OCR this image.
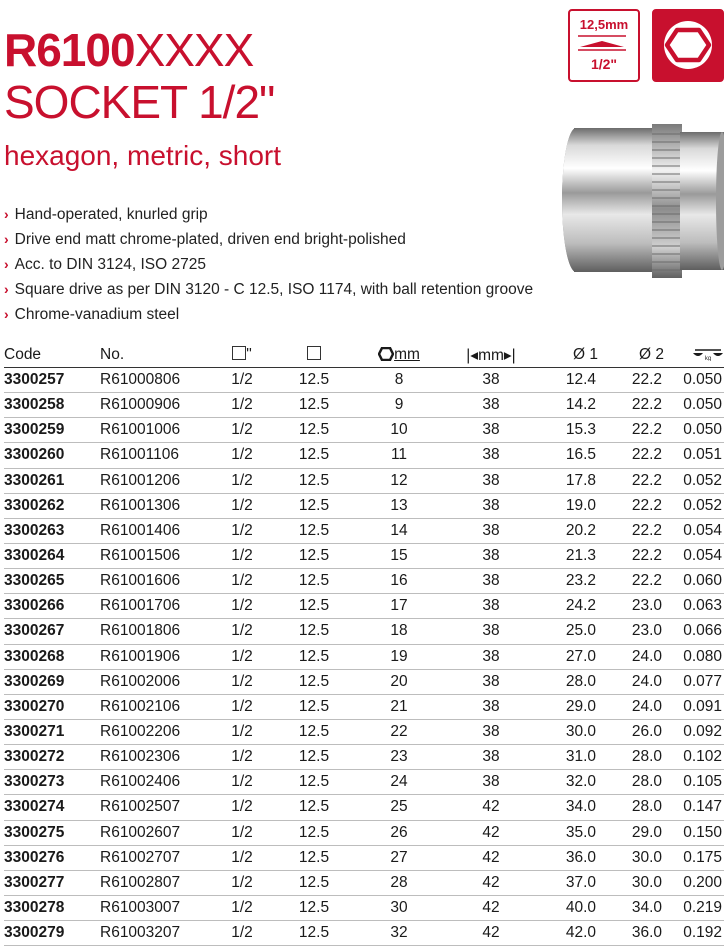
R6100XXXX
SOCKET 1/2"
hexagon, metric, short
12,5mm
1/2"
› Hand-operated, knurled grip
› Drive end matt chrome-plated, driven end bright-polished
› Acc. to DIN 3124, ISO 2725
› Square drive as per DIN 3120 - C 12.5, ISO 1174, with ball retention groove
› Chrome-vanadium steel
Code	No.	"		mm	|◂mm▸|	Ø 1	Ø 2	kg

3300257	R61000806	1/2	12.5	8	38	12.4	22.2	0.050
3300258	R61000906	1/2	12.5	9	38	14.2	22.2	0.050
3300259	R61001006	1/2	12.5	10	38	15.3	22.2	0.050
3300260	R61001106	1/2	12.5	11	38	16.5	22.2	0.051
3300261	R61001206	1/2	12.5	12	38	17.8	22.2	0.052
3300262	R61001306	1/2	12.5	13	38	19.0	22.2	0.052
3300263	R61001406	1/2	12.5	14	38	20.2	22.2	0.054
3300264	R61001506	1/2	12.5	15	38	21.3	22.2	0.054
3300265	R61001606	1/2	12.5	16	38	23.2	22.2	0.060
3300266	R61001706	1/2	12.5	17	38	24.2	23.0	0.063
3300267	R61001806	1/2	12.5	18	38	25.0	23.0	0.066
3300268	R61001906	1/2	12.5	19	38	27.0	24.0	0.080
3300269	R61002006	1/2	12.5	20	38	28.0	24.0	0.077
3300270	R61002106	1/2	12.5	21	38	29.0	24.0	0.091
3300271	R61002206	1/2	12.5	22	38	30.0	26.0	0.092
3300272	R61002306	1/2	12.5	23	38	31.0	28.0	0.102
3300273	R61002406	1/2	12.5	24	38	32.0	28.0	0.105
3300274	R61002507	1/2	12.5	25	42	34.0	28.0	0.147
3300275	R61002607	1/2	12.5	26	42	35.0	29.0	0.150
3300276	R61002707	1/2	12.5	27	42	36.0	30.0	0.175
3300277	R61002807	1/2	12.5	28	42	37.0	30.0	0.200
3300278	R61003007	1/2	12.5	30	42	40.0	34.0	0.219
3300279	R61003207	1/2	12.5	32	42	42.0	36.0	0.192
